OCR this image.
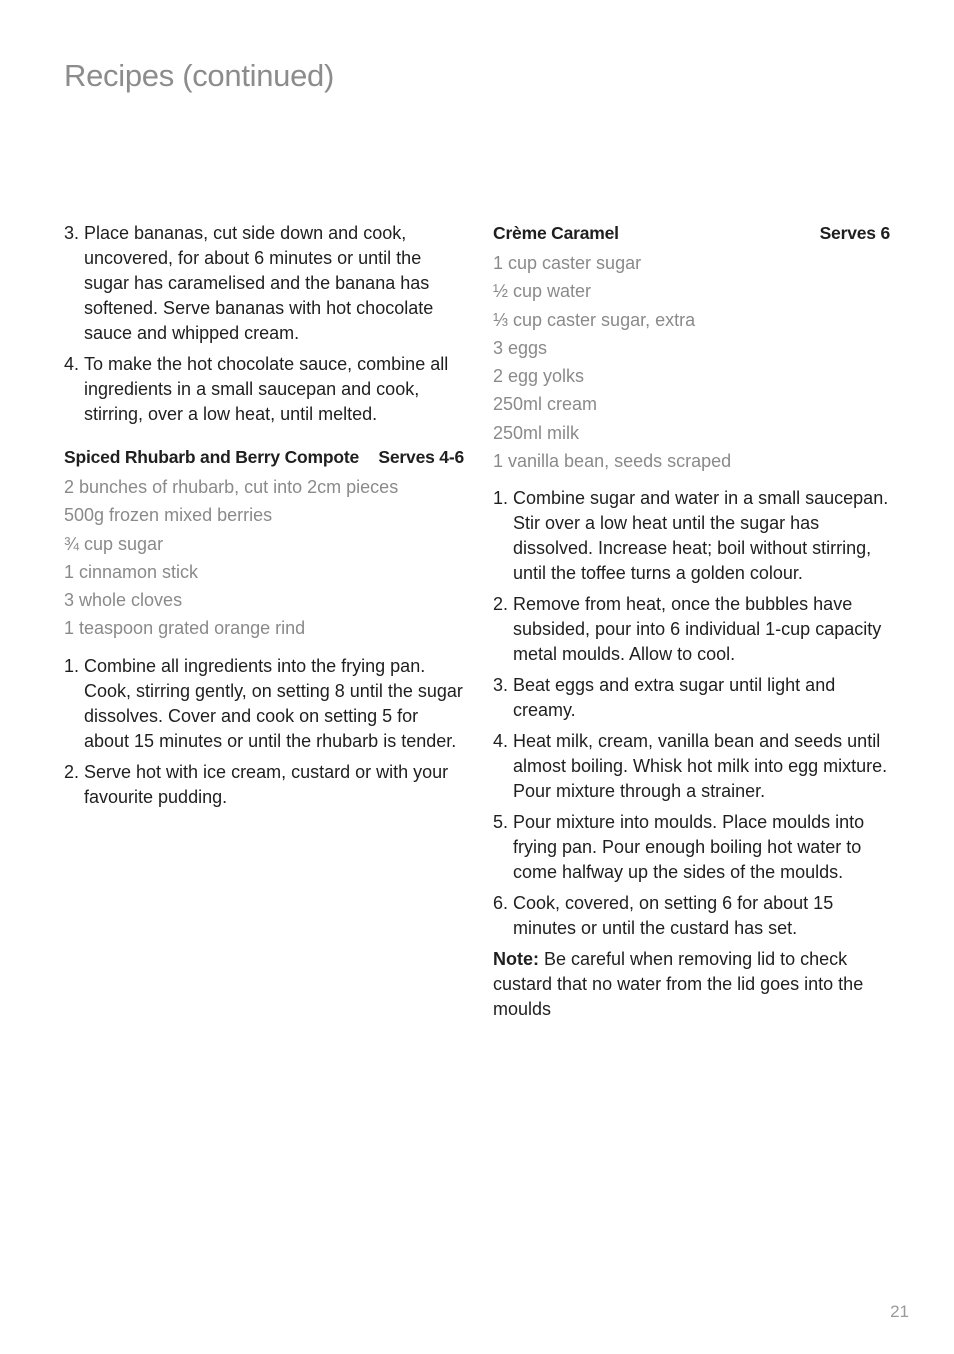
Recipes (continued)
3. Place bananas, cut side down and cook, uncovered, for about 6 minutes or until the sugar has caramelised and the banana has softened. Serve bananas with hot chocolate sauce and whipped cream.
4. To make the hot chocolate sauce, combine all ingredients in a small saucepan and cook, stirring, over a low heat, until melted.
Spiced Rhubarb and Berry Compote Serves 4-6
2 bunches of rhubarb, cut into 2cm pieces
500g frozen mixed berries
¾ cup sugar
1 cinnamon stick
3 whole cloves
1 teaspoon grated orange rind
1. Combine all ingredients into the frying pan. Cook, stirring gently, on setting 8 until the sugar dissolves. Cover and cook on setting 5 for about 15 minutes or until the rhubarb is tender.
2. Serve hot with ice cream, custard or with your favourite pudding.
Crème Caramel	Serves 6
1 cup caster sugar
½ cup water
⅓ cup caster sugar, extra
3 eggs
2 egg yolks
250ml cream
250ml milk
1 vanilla bean, seeds scraped
1. Combine sugar and water in a small saucepan. Stir over a low heat until the sugar has dissolved. Increase heat; boil without stirring, until the toffee turns a golden colour.
2. Remove from heat, once the bubbles have subsided, pour into 6 individual 1-cup capacity metal moulds. Allow to cool.
3. Beat eggs and extra sugar until light and creamy.
4. Heat milk, cream, vanilla bean and seeds until almost boiling. Whisk hot milk into egg mixture. Pour mixture through a strainer.
5. Pour mixture into moulds. Place moulds into frying pan. Pour enough boiling hot water to come halfway up the sides of the moulds.
6. Cook, covered, on setting 6 for about 15 minutes or until the custard has set.

Note: Be careful when removing lid to check custard that no water from the lid goes into the moulds

21
